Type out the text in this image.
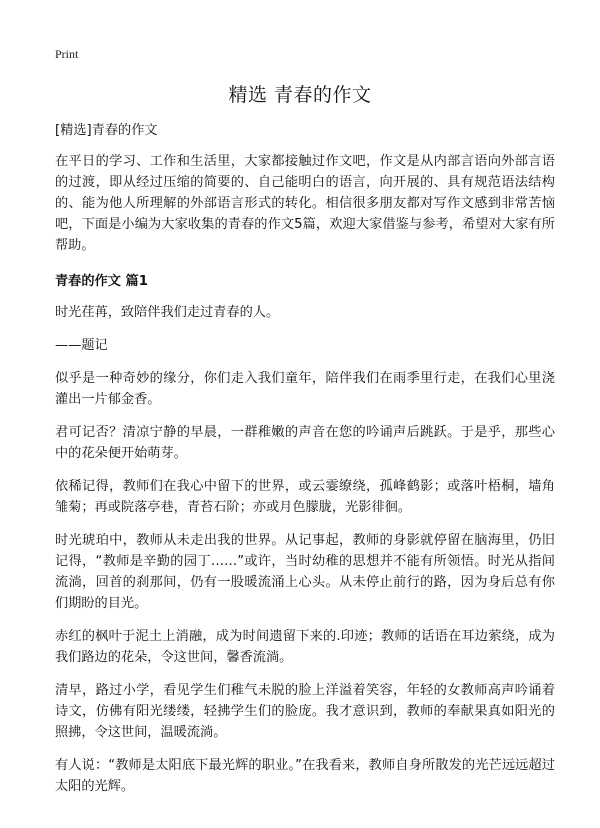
Print
精选 青春的作文

[精选]青春的作文

在平日的学习、工作和生活里，大家都接触过作文吧，作文是从内部言语向外部言语的过渡，即从经过压缩的简要的、自己能明白的语言，向开展的、具有规范语法结构的、能为他人所理解的外部语言形式的转化。相信很多朋友都对写作文感到非常苦恼吧，下面是小编为大家收集的青春的作文5篇，欢迎大家借鉴与参考，希望对大家有所帮助。

青春的作文 篇1

时光荏苒，致陪伴我们走过青春的人。

——题记

似乎是一种奇妙的缘分，你们走入我们童年，陪伴我们在雨季里行走，在我们心里浇灌出一片郁金香。

君可记否？清凉宁静的早晨，一群稚嫩的声音在您的吟诵声后跳跃。于是乎，那些心中的花朵便开始萌芽。

依稀记得，教师们在我心中留下的世界，或云霎缭绕，孤峰鹤影；或落叶梧桐，墙角雏菊；再或院落亭巷，青苔石阶；亦或月色朦胧，光影徘徊。

时光琥珀中，教师从未走出我的世界。从记事起，教师的身影就停留在脑海里，仍旧记得，“教师是辛勤的园丁……”或许，当时幼稚的思想并不能有所领悟。时光从指间流淌，回首的刹那间，仍有一股暖流涌上心头。从未停止前行的路，因为身后总有你们期盼的目光。

赤红的枫叶于泥土上消融，成为时间遗留下来的.印迹；教师的话语在耳边萦绕，成为我们路边的花朵，令这世间，馨香流淌。

清早，路过小学，看见学生们稚气未脱的脸上洋溢着笑容，年轻的女教师高声吟诵着诗文，仿佛有阳光缕缕，轻拂学生们的脸庞。我才意识到，教师的奉献果真如阳光的照拂，令这世间，温暖流淌。

有人说：“教师是太阳底下最光辉的职业。”在我看来，教师自身所散发的光芒远远超过太阳的光辉。
